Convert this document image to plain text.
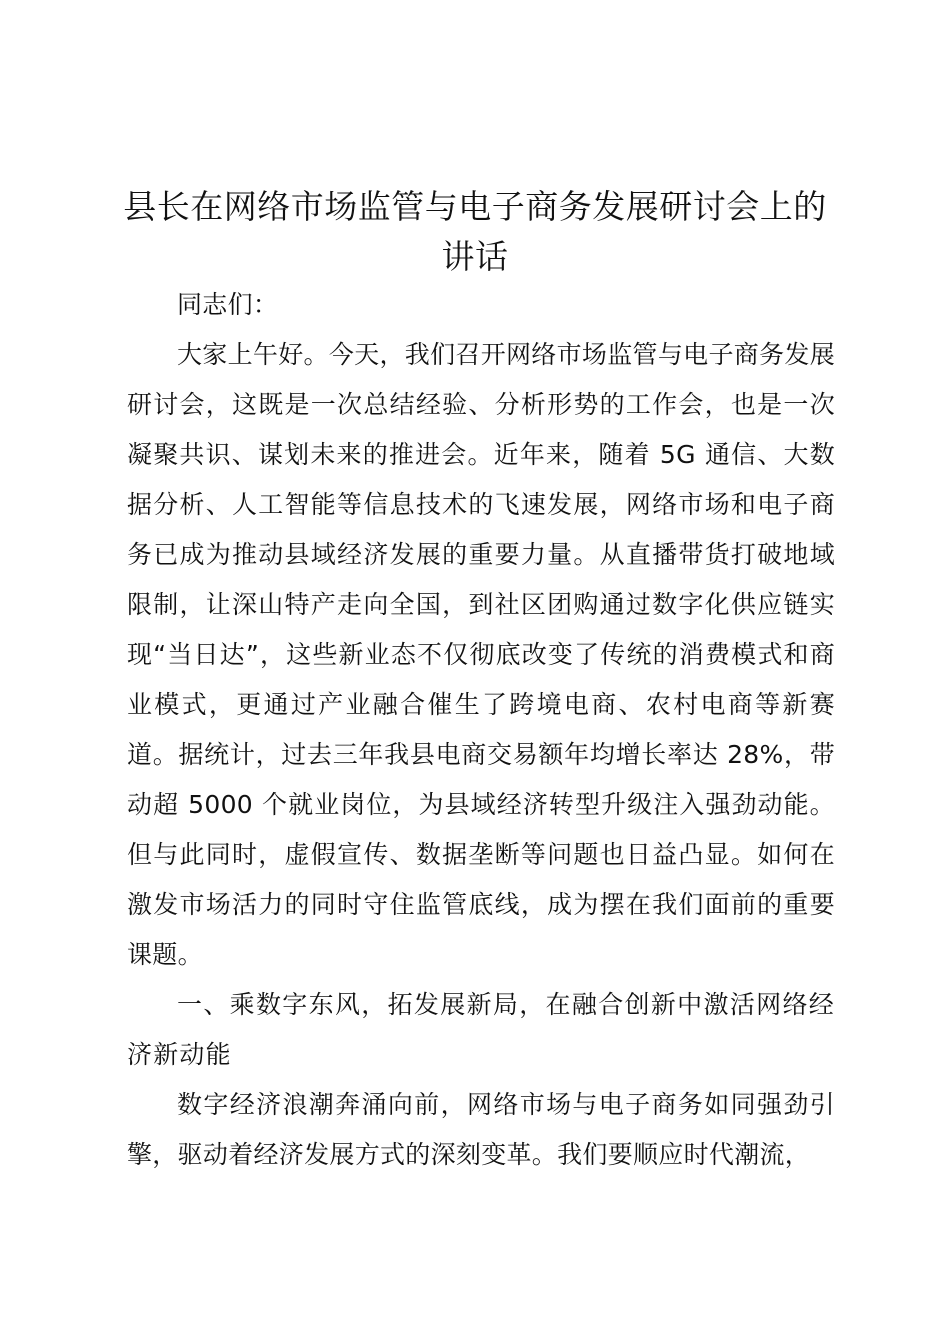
县长在网络市场监管与电子商务发展研讨会上的讲话

同志们：

大家上午好。今天，我们召开网络市场监管与电子商务发展研讨会，这既是一次总结经验、分析形势的工作会，也是一次凝聚共识、谋划未来的推进会。近年来，随着 5G 通信、大数据分析、人工智能等信息技术的飞速发展，网络市场和电子商务已成为推动县域经济发展的重要力量。从直播带货打破地域限制，让深山特产走向全国，到社区团购通过数字化供应链实现“当日达”，这些新业态不仅彻底改变了传统的消费模式和商业模式，更通过产业融合催生了跨境电商、农村电商等新赛道。据统计，过去三年我县电商交易额年均增长率达 28%，带动超 5000 个就业岗位，为县域经济转型升级注入强劲动能。但与此同时，虚假宣传、数据垄断等问题也日益凸显。如何在激发市场活力的同时守住监管底线，成为摆在我们面前的重要课题。

一、乘数字东风，拓发展新局，在融合创新中激活网络经济新动能

数字经济浪潮奔涌向前，网络市场与电子商务如同强劲引擎，驱动着经济发展方式的深刻变革。我们要顺应时代潮流，
